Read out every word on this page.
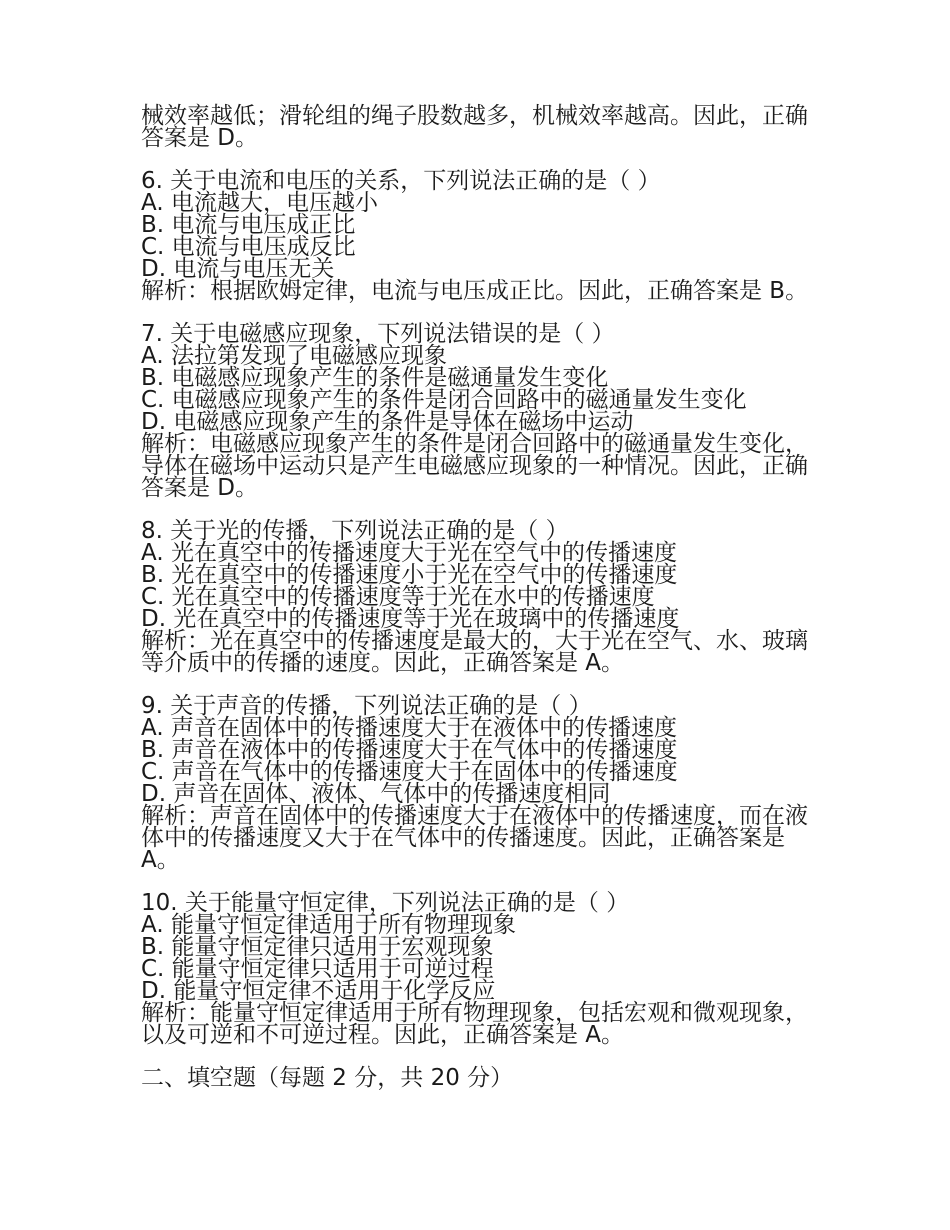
械效率越低；滑轮组的绳子股数越多，机械效率越高。因此，正确答案是 D。
6. 关于电流和电压的关系，下列说法正确的是（ ）
A. 电流越大，电压越小
B. 电流与电压成正比
C. 电流与电压成反比
D. 电流与电压无关
解析：根据欧姆定律，电流与电压成正比。因此，正确答案是 B。
7. 关于电磁感应现象，下列说法错误的是（ ）
A. 法拉第发现了电磁感应现象
B. 电磁感应现象产生的条件是磁通量发生变化
C. 电磁感应现象产生的条件是闭合回路中的磁通量发生变化
D. 电磁感应现象产生的条件是导体在磁场中运动
解析：电磁感应现象产生的条件是闭合回路中的磁通量发生变化，导体在磁场中运动只是产生电磁感应现象的一种情况。因此，正确答案是 D。
8. 关于光的传播，下列说法正确的是（ ）
A. 光在真空中的传播速度大于光在空气中的传播速度
B. 光在真空中的传播速度小于光在空气中的传播速度
C. 光在真空中的传播速度等于光在水中的传播速度
D. 光在真空中的传播速度等于光在玻璃中的传播速度
解析：光在真空中的传播速度是最大的，大于光在空气、水、玻璃等介质中的传播的速度。因此，正确答案是 A。
9. 关于声音的传播，下列说法正确的是（ ）
A. 声音在固体中的传播速度大于在液体中的传播速度
B. 声音在液体中的传播速度大于在气体中的传播速度
C. 声音在气体中的传播速度大于在固体中的传播速度
D. 声音在固体、液体、气体中的传播速度相同
解析：声音在固体中的传播速度大于在液体中的传播速度，而在液体中的传播速度又大于在气体中的传播速度。因此，正确答案是 A。
10. 关于能量守恒定律，下列说法正确的是（ ）
A. 能量守恒定律适用于所有物理现象
B. 能量守恒定律只适用于宏观现象
C. 能量守恒定律只适用于可逆过程
D. 能量守恒定律不适用于化学反应
解析：能量守恒定律适用于所有物理现象，包括宏观和微观现象，以及可逆和不可逆过程。因此，正确答案是 A。
二、填空题（每题 2 分，共 20 分）
